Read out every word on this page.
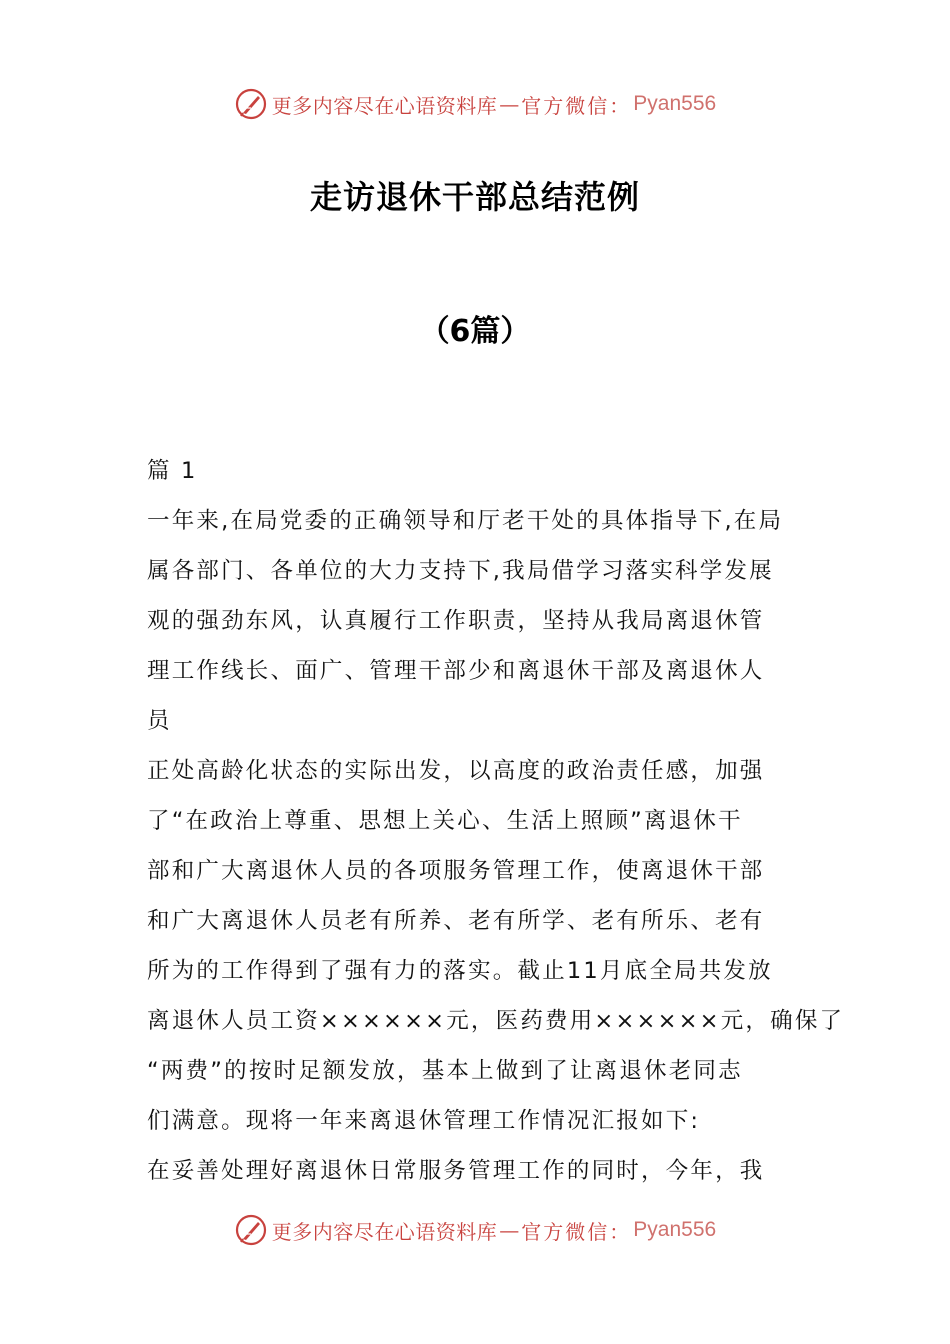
更多内容尽在心语资料库 — 官方微信： Pyan556
走访退休干部总结范例
（6篇）

篇 1

一年来,在局党委的正确领导和厅老干处的具体指导下,在局

属各部门、各单位的大力支持下,我局借学习落实科学发展

观的强劲东风，认真履行工作职责，坚持从我局离退休管

理工作线长、面广、管理干部少和离退休干部及离退休人

员

正处高龄化状态的实际出发，以高度的政治责任感，加强

了“在政治上尊重、思想上关心、生活上照顾”离退休干

部和广大离退休人员的各项服务管理工作，使离退休干部

和广大离退休人员老有所养、老有所学、老有所乐、老有

所为的工作得到了强有力的落实。截止11月底全局共发放

离退休人员工资××××××元，医药费用××××××元，确保了

“两费”的按时足额发放，基本上做到了让离退休老同志

们满意。现将一年来离退休管理工作情况汇报如下:

在妥善处理好离退休日常服务管理工作的同时，今年，我

更多内容尽在心语资料库 — 官方微信： Pyan556
